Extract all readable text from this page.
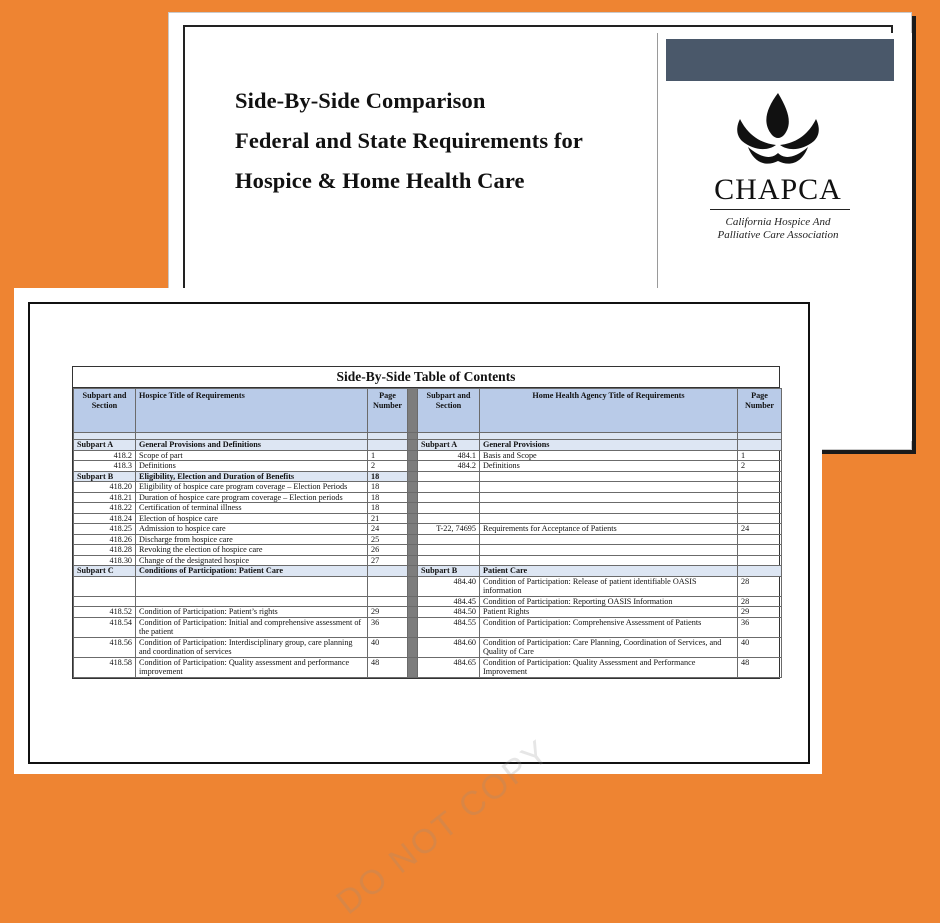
Side-By-Side Comparison
Federal and State Requirements for
Hospice & Home Health Care	CHAPCA
California Hospice And
Palliative Care Association
Side-By-Side Table of Contents
Subpart and Section	Hospice Title of Requirements	Page Number		Subpart and Section	Home Health Agency Title of Requirements	Page Number

Subpart A	General Provisions and Definitions			Subpart A	General Provisions	
418.2	Scope of part	1		484.1	Basis and Scope	1
418.3	Definitions	2		484.2	Definitions	2
Subpart B	Eligibility, Election and Duration of Benefits	18				
418.20	Eligibility of hospice care program coverage – Election Periods	18				
418.21	Duration of hospice care program coverage – Election periods	18				
418.22	Certification of terminal illness	18				
418.24	Election of hospice care	21				
418.25	Admission to hospice care	24		T-22, 74695	Requirements for Acceptance of Patients	24
418.26	Discharge from hospice care	25				
418.28	Revoking the election of hospice care	26				
418.30	Change of the designated hospice	27				
Subpart C	Conditions of Participation: Patient Care			Subpart B	Patient Care	
				484.40	Condition of Participation: Release of patient identifiable OASIS information	28
				484.45	Condition of Participation: Reporting OASIS Information	28
418.52	Condition of Participation: Patient’s rights	29		484.50	Patient Rights	29
418.54	Condition of Participation: Initial and comprehensive assessment of the patient	36		484.55	Condition of Participation: Comprehensive Assessment of Patients	36
418.56	Condition of Participation: Interdisciplinary group, care planning and coordination of services	40		484.60	Condition of Participation: Care Planning, Coordination of Services, and Quality of Care	40
418.58	Condition of Participation: Quality assessment and performance improvement	48		484.65	Condition of Participation: Quality Assessment and Performance Improvement	48
DO NOT COPY
